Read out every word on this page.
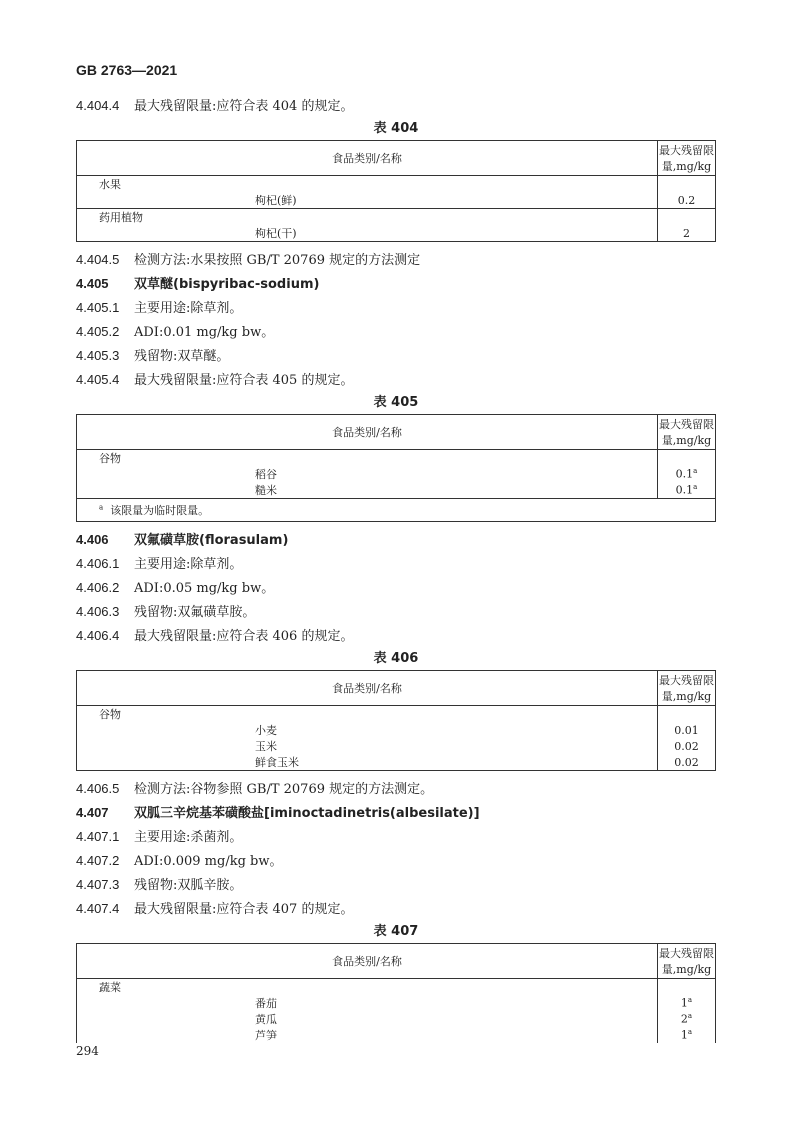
GB 2763—2021
4.404.4 最大残留限量:应符合表 404 的规定。
表 404
食品类别/名称	最大残留限量,mg/kg
水果	
枸杞(鲜)	0.2
药用植物	
枸杞(干)	2
4.404.5 检测方法:水果按照 GB/T 20769 规定的方法测定
4.405 双草醚(bispyribac-sodium)
4.405.1 主要用途:除草剂。
4.405.2 ADI:0.01 mg/kg bw。
4.405.3 残留物:双草醚。
4.405.4 最大残留限量:应符合表 405 的规定。
表 405
食品类别/名称	最大残留限量,mg/kg
谷物	
稻谷	0.1$^a$
糙米	0.1$^a$
$^a$ 该限量为临时限量。	
4.406 双氟磺草胺(florasulam)
4.406.1 主要用途:除草剂。
4.406.2 ADI:0.05 mg/kg bw。
4.406.3 残留物:双氟磺草胺。
4.406.4 最大残留限量:应符合表 406 的规定。
表 406
食品类别/名称	最大残留限量,mg/kg
谷物	
小麦	0.01
玉米	0.02
鲜食玉米	0.02
4.406.5 检测方法:谷物参照 GB/T 20769 规定的方法测定。
4.407 双胍三辛烷基苯磺酸盐[iminoctadinetris(albesilate)]
4.407.1 主要用途:杀菌剂。
4.407.2 ADI:0.009 mg/kg bw。
4.407.3 残留物:双胍辛胺。
4.407.4 最大残留限量:应符合表 407 的规定。
表 407
食品类别/名称	最大残留限量,mg/kg
蔬菜	
番茄	1$^a$
黄瓜	2$^a$
芦笋	1$^a$
294
